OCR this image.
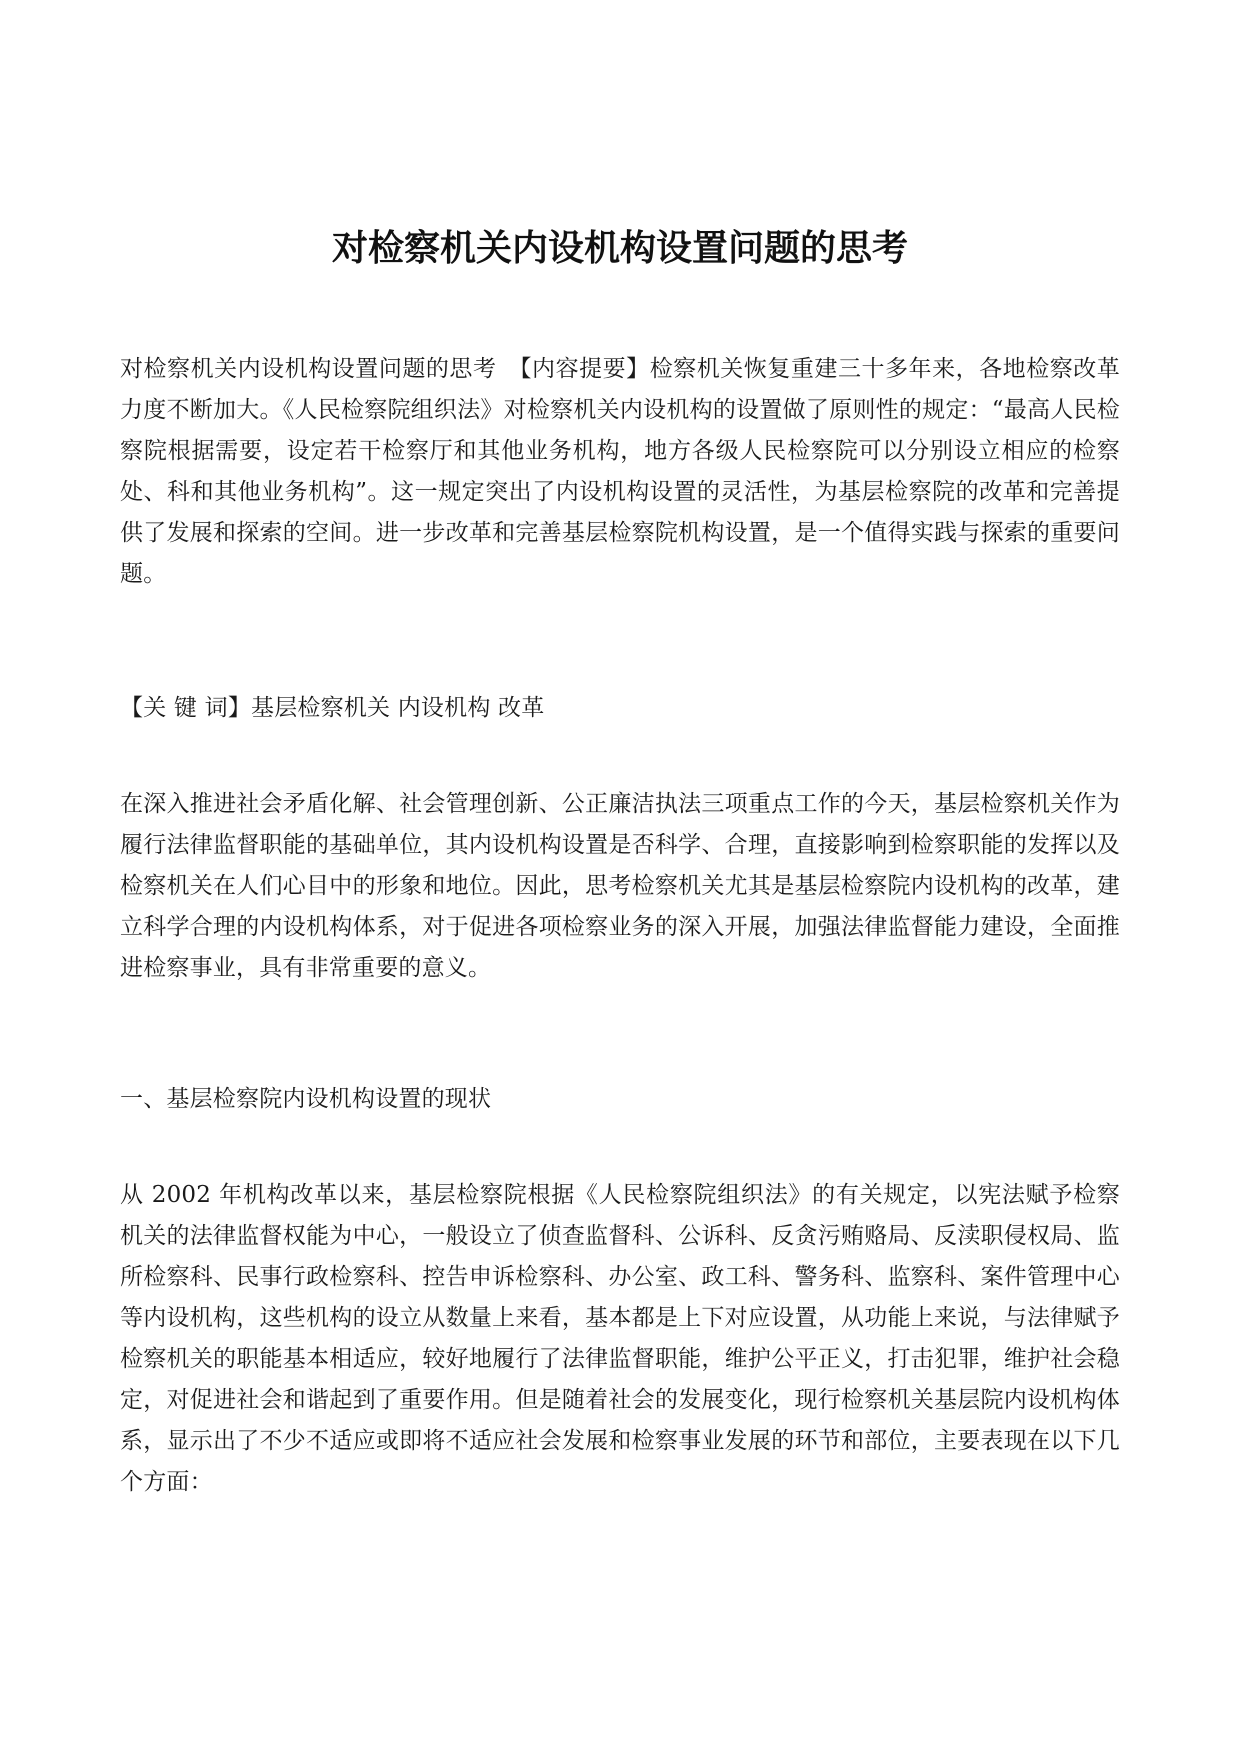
对检察机关内设机构设置问题的思考

对检察机关内设机构设置问题的思考　【内容提要】检察机关恢复重建三十多年来，各地检察改革力度不断加大。《人民检察院组织法》对检察机关内设机构的设置做了原则性的规定：“最高人民检察院根据需要，设定若干检察厅和其他业务机构，地方各级人民检察院可以分别设立相应的检察处、科和其他业务机构”。这一规定突出了内设机构设置的灵活性，为基层检察院的改革和完善提供了发展和探索的空间。进一步改革和完善基层检察院机构设置，是一个值得实践与探索的重要问题。

【关 键 词】基层检察机关 内设机构 改革

在深入推进社会矛盾化解、社会管理创新、公正廉洁执法三项重点工作的今天，基层检察机关作为履行法律监督职能的基础单位，其内设机构设置是否科学、合理，直接影响到检察职能的发挥以及检察机关在人们心目中的形象和地位。因此，思考检察机关尤其是基层检察院内设机构的改革，建立科学合理的内设机构体系，对于促进各项检察业务的深入开展，加强法律监督能力建设，全面推进检察事业，具有非常重要的意义。

一、基层检察院内设机构设置的现状

从 2002 年机构改革以来，基层检察院根据《人民检察院组织法》的有关规定，以宪法赋予检察机关的法律监督权能为中心，一般设立了侦查监督科、公诉科、反贪污贿赂局、反渎职侵权局、监所检察科、民事行政检察科、控告申诉检察科、办公室、政工科、警务科、监察科、案件管理中心等内设机构，这些机构的设立从数量上来看，基本都是上下对应设置，从功能上来说，与法律赋予检察机关的职能基本相适应，较好地履行了法律监督职能，维护公平正义，打击犯罪，维护社会稳定，对促进社会和谐起到了重要作用。但是随着社会的发展变化，现行检察机关基层院内设机构体系，显示出了不少不适应或即将不适应社会发展和检察事业发展的环节和部位，主要表现在以下几个方面：
